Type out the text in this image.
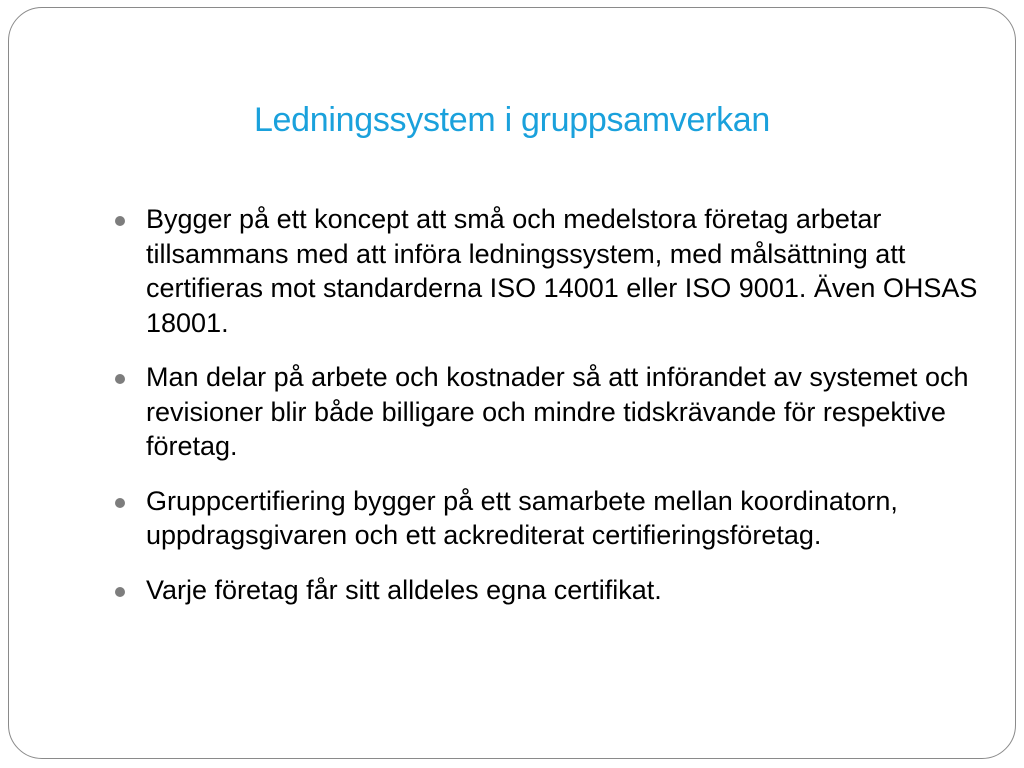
Ledningssystem i gruppsamverkan
Bygger på ett koncept att små och medelstora företag arbetar tillsammans med att införa ledningssystem, med målsättning att certifieras mot standarderna ISO 14001 eller ISO 9001. Även OHSAS 18001.
Man delar på arbete och kostnader så att införandet av systemet och revisioner blir både billigare och mindre tidskrävande för respektive företag.
Gruppcertifiering bygger på ett samarbete mellan koordinatorn, uppdragsgivaren och ett ackrediterat certifieringsföretag.
Varje företag får sitt alldeles egna certifikat.
